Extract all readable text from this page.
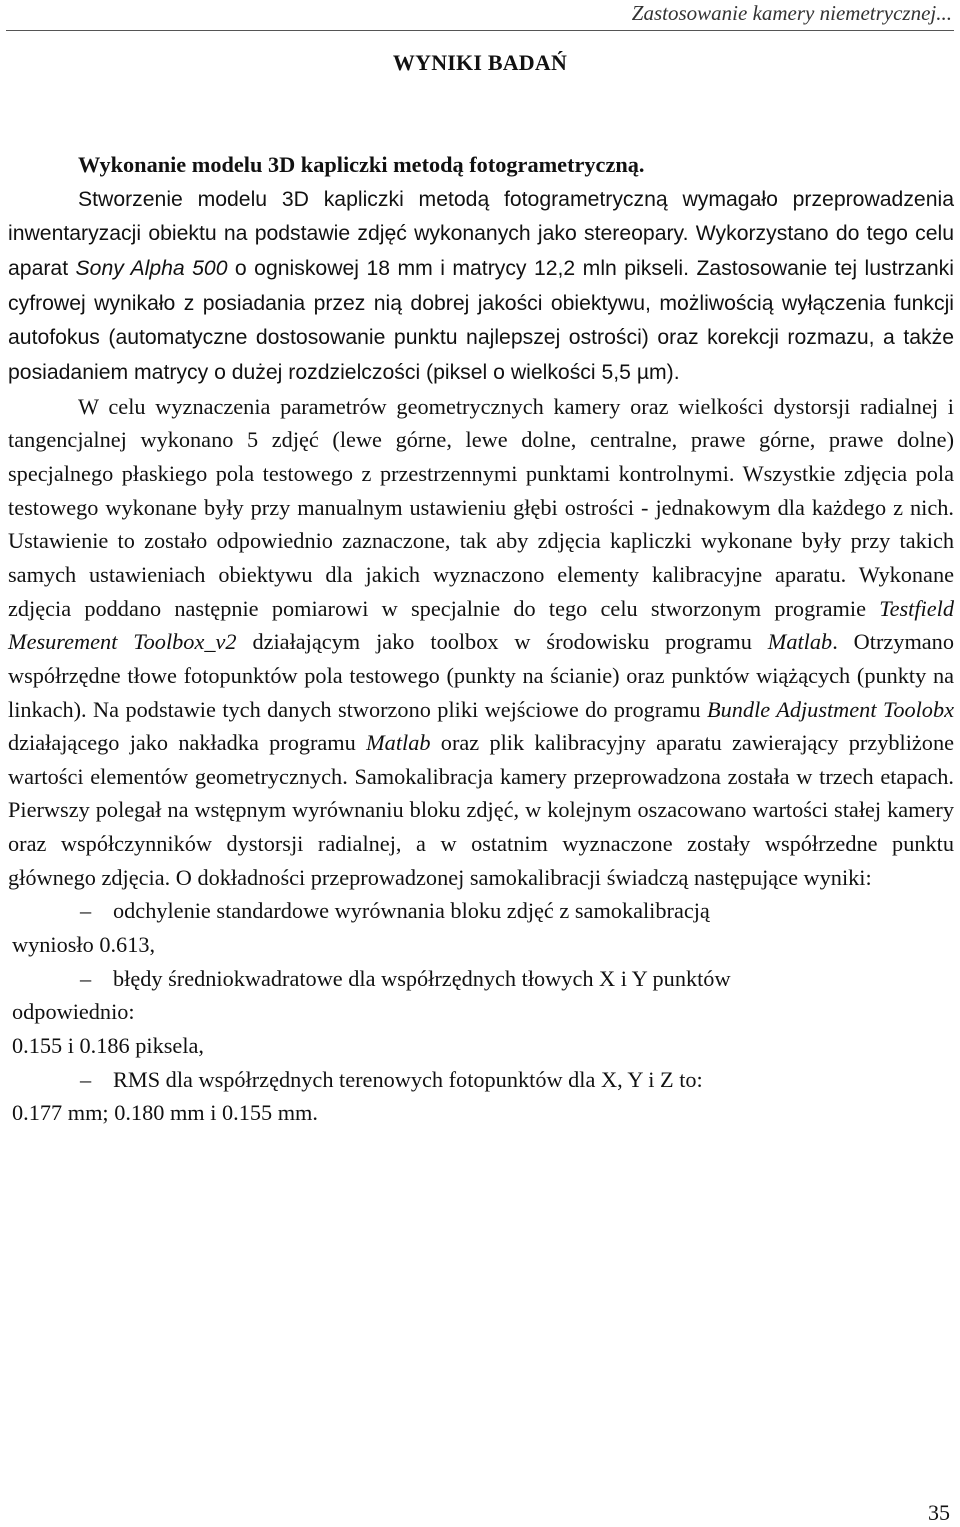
Zastosowanie kamery niemetrycznej...
WYNIKI BADAŃ

Wykonanie modelu 3D kapliczki metodą fotogrametryczną.

Stworzenie modelu 3D kapliczki metodą fotogrametryczną wymagało przeprowadzenia inwentaryzacji obiektu na podstawie zdjęć wykonanych jako stereopary. Wykorzystano do tego celu aparat Sony Alpha 500 o ogniskowej 18 mm i matrycy 12,2 mln pikseli. Zastosowanie tej lustrzanki cyfrowej wynikało z posiadania przez nią dobrej jakości obiektywu, możliwością wyłączenia funkcji autofokus (automatyczne dostosowanie punktu najlepszej ostrości) oraz korekcji rozmazu, a także posiadaniem matrycy o dużej rozdzielczości (piksel o wielkości 5,5 µm).

W celu wyznaczenia parametrów geometrycznych kamery oraz wielkości dystorsji radialnej i tangencjalnej wykonano 5 zdjęć (lewe górne, lewe dolne, centralne, prawe górne, prawe dolne) specjalnego płaskiego pola testowego z przestrzennymi punktami kontrolnymi. Wszystkie zdjęcia pola testowego wykonane były przy manualnym ustawieniu głębi ostrości - jednakowym dla każdego z nich. Ustawienie to zostało odpowiednio zaznaczone, tak aby zdjęcia kapliczki wykonane były przy takich samych ustawieniach obiektywu dla jakich wyznaczono elementy kalibracyjne aparatu. Wykonane zdjęcia poddano następnie pomiarowi w specjalnie do tego celu stworzonym programie Testfield Mesurement Toolbox_v2 działającym jako toolbox w środowisku programu Matlab. Otrzymano współrzędne tłowe fotopunktów pola testowego (punkty na ścianie) oraz punktów wiążących (punkty na linkach). Na podstawie tych danych stworzono pliki wejściowe do programu Bundle Adjustment Toolobx działającego jako nakładka programu Matlab oraz plik kalibracyjny aparatu zawierający przybliżone wartości elementów geometrycznych. Samokalibracja kamery przeprowadzona została w trzech etapach. Pierwszy polegał na wstępnym wyrównaniu bloku zdjęć, w kolejnym oszacowano wartości stałej kamery oraz współczynników dystorsji radialnej, a w ostatnim wyznaczone zostały współrzedne punktu głównego zdjęcia. O dokładności przeprowadzonej samokalibracji świadczą następujące wyniki:

– odchylenie standardowe wyrównania bloku zdjęć z samokalibracją

wyniosło 0.613,

– błędy średniokwadratowe dla współrzędnych tłowych X i Y punktów

odpowiednio:

0.155 i 0.186 piksela,

– RMS dla współrzędnych terenowych fotopunktów dla X, Y i Z to:

0.177 mm; 0.180 mm i 0.155 mm.

35
